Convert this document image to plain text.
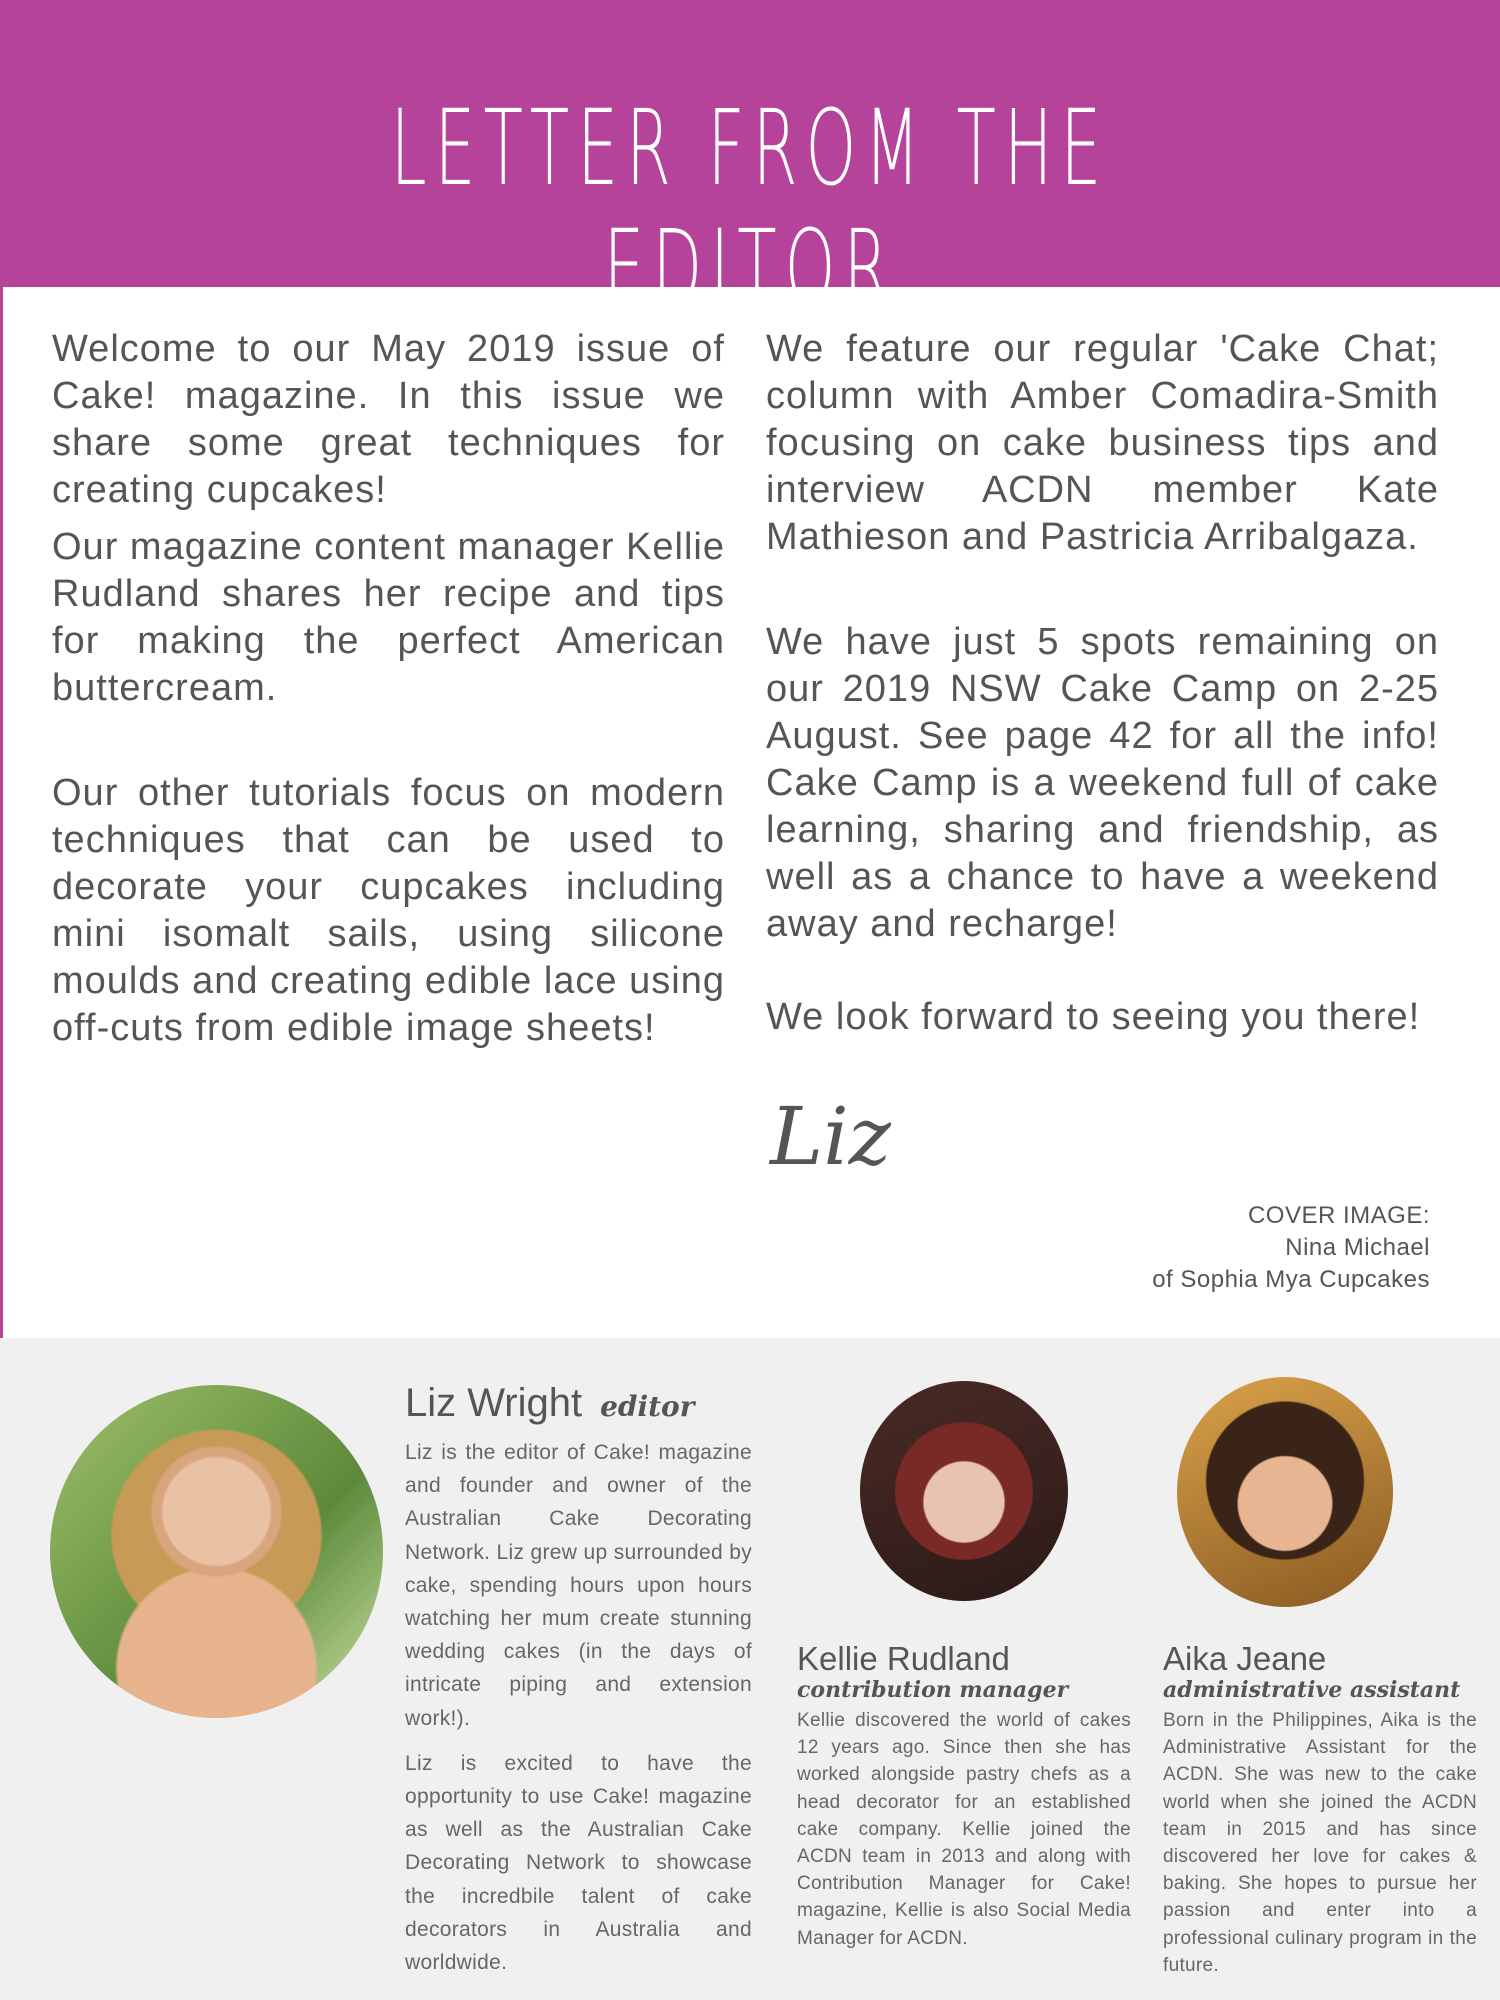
LETTER FROM THE EDITOR

Welcome to our May 2019 issue of Cake! magazine. In this issue we share some great techniques for creating cupcakes!

Our magazine content manager Kellie Rudland shares her recipe and tips for making the perfect American buttercream.

Our other tutorials focus on modern techniques that can be used to decorate your cupcakes including mini isomalt sails, using silicone moulds and creating edible lace using off-cuts from edible image sheets!

We feature our regular 'Cake Chat; column with Amber Comadira-Smith focusing on cake business tips and interview ACDN member Kate Mathieson and Pastricia Arribalgaza.

We have just 5 spots remaining on our 2019 NSW Cake Camp on 2-25 August. See page 42 for all the info! Cake Camp is a weekend full of cake learning, sharing and friendship, as well as a chance to have a weekend away and recharge!

We look forward to seeing you there!

Liz
COVER IMAGE:
Nina Michael
of Sophia Mya Cupcakes
Liz Wright editor

Liz is the editor of Cake! magazine and founder and owner of the Australian Cake Decorating Network. Liz grew up surrounded by cake, spending hours upon hours watching her mum create stunning wedding cakes (in the days of intricate piping and extension work!).

Liz is excited to have the opportunity to use Cake! magazine as well as the Australian Cake Decorating Network to showcase the incredbile talent of cake decorators in Australia and worldwide.

Kellie Rudland
contribution manager

Kellie discovered the world of cakes 12 years ago. Since then she has worked alongside pastry chefs as a head decorator for an established cake company. Kellie joined the ACDN team in 2013 and along with Contribution Manager for Cake! magazine, Kellie is also Social Media Manager for ACDN.

Aika Jeane
administrative assistant

Born in the Philippines, Aika is the Administrative Assistant for the ACDN. She was new to the cake world when she joined the ACDN team in 2015 and has since discovered her love for cakes & baking. She hopes to pursue her passion and enter into a professional culinary program in the future.
